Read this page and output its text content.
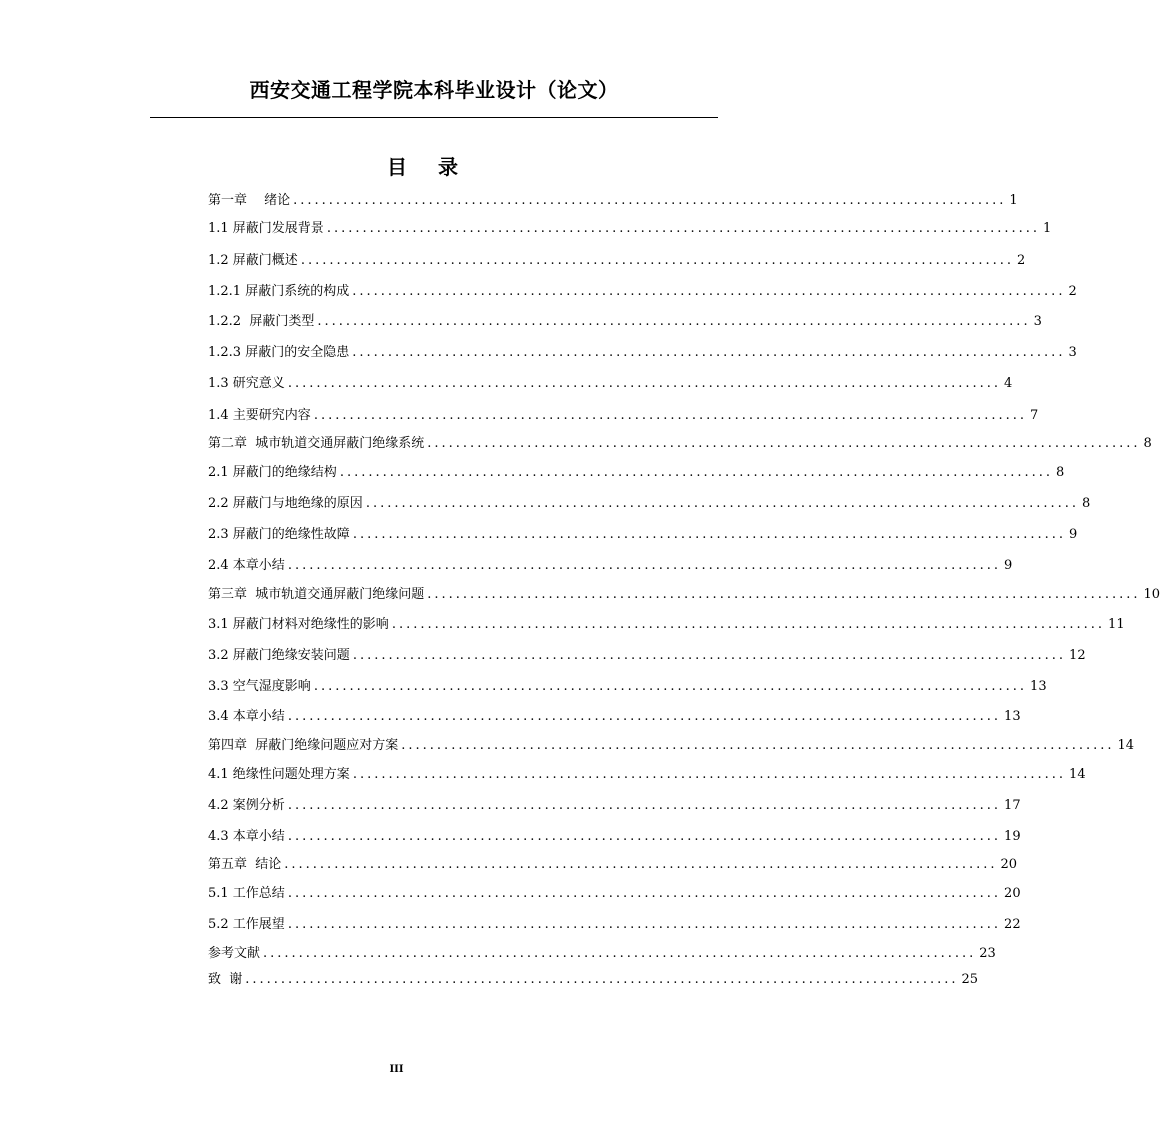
西安交通工程学院本科毕业设计（论文）
目 录
第一章　 绪论 .................................................................................................... 1
1.1 屏蔽门发展背景 .................................................................................................... 1
1.2 屏蔽门概述 .................................................................................................... 2
1.2.1 屏蔽门系统的构成 .................................................................................................... 2
1.2.2  屏蔽门类型 .................................................................................................... 3
1.2.3 屏蔽门的安全隐患 .................................................................................................... 3
1.3 研究意义 .................................................................................................... 4
1.4 主要研究内容 .................................................................................................... 7
第二章  城市轨道交通屏蔽门绝缘系统 .................................................................................................... 8
2.1 屏蔽门的绝缘结构 .................................................................................................... 8
2.2 屏蔽门与地绝缘的原因 .................................................................................................... 8
2.3 屏蔽门的绝缘性故障 .................................................................................................... 9
2.4 本章小结 .................................................................................................... 9
第三章  城市轨道交通屏蔽门绝缘问题 .................................................................................................... 10
3.1 屏蔽门材料对绝缘性的影响 .................................................................................................... 11
3.2 屏蔽门绝缘安装问题 .................................................................................................... 12
3.3 空气湿度影响 .................................................................................................... 13
3.4 本章小结 .................................................................................................... 13
第四章  屏蔽门绝缘问题应对方案 .................................................................................................... 14
4.1 绝缘性问题处理方案 .................................................................................................... 14
4.2 案例分析 .................................................................................................... 17
4.3 本章小结 .................................................................................................... 19
第五章  结论 .................................................................................................... 20
5.1 工作总结 .................................................................................................... 20
5.2 工作展望 .................................................................................................... 22
参考文献 .................................................................................................... 23
致  谢 .................................................................................................... 25
III
